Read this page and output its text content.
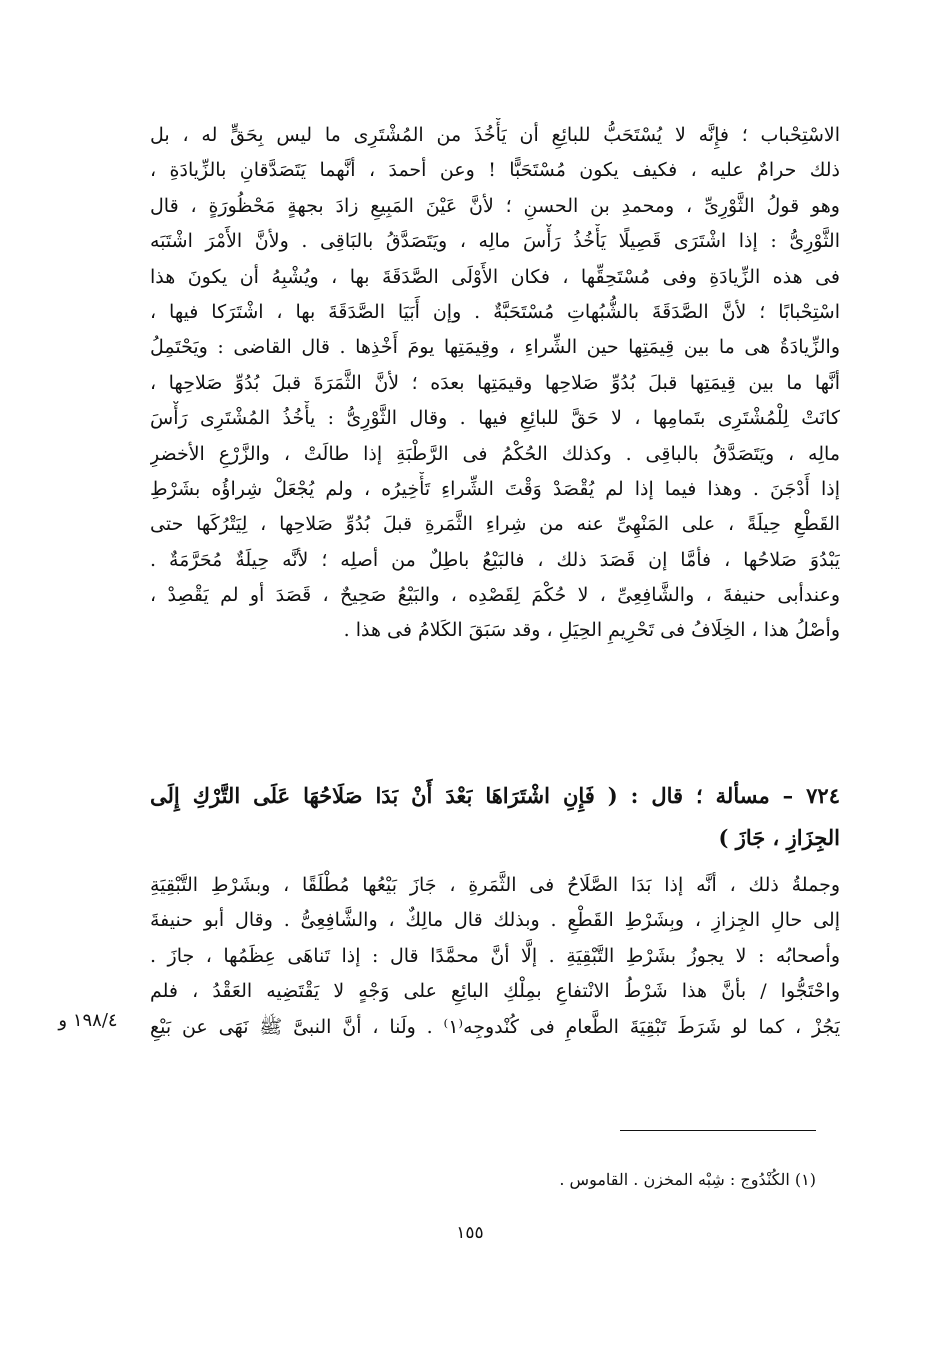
الاسْتِحْباب ؛ فإِنَّه لا يُسْتَحَبُّ للبائِعِ أن يَأْخُذَ من المُشْتَرِى ما ليس بِحَقٍّ له ، بل
ذلك حرامٌ عليه ، فكيف يكون مُسْتَحَبًّا ! وعن أحمدَ ، أنَّهما يَتَصَدَّقانِ بالزِّيادَةِ ،
وهو قولُ الثَّوْرِىِّ ، ومحمدِ بن الحسنِ ؛ لأنَّ عَيْنَ المَبِيعِ زادَ بجهةٍ مَحْظُورَةٍ ، قال
الثَّوْرِىُّ : إذا اشْتَرَى قَصِيلًا يَأْخُذُ رَأْسَ مالِه ، ويَتَصَدَّقُ بالبَاقِى . ولأنَّ الأَمْرَ اشْتَبَه
فى هذه الزِّيادَةِ وفى مُسْتَحِقِّها ، فكان الأَوْلَى الصَّدَقَةَ بها ، ويُشْبِهُ أن يكونَ هذا
اسْتِحْبابًا ؛ لأنَّ الصَّدَقَةَ بالشُّبُهاتِ مُسْتَحَبَّةٌ . وإن أَبَيَا الصَّدَقَةَ بها ، اشْتَرَكا فيها ،
والزِّيادَةُ هى ما بين قِيمَتِها حين الشِّراءِ ، وقِيمَتِها يومَ أَخْذِها . قال القاضى : ويَحْتَمِلُ
أنَّها ما بين قِيمَتِها قبلَ بُدُوِّ صَلاحِها وقيمَتِها بعدَه ؛ لأنَّ الثَّمَرَةَ قبلَ بُدُوِّ صَلاحِها ،
كانَتْ لِلْمُشْتَرِى بتَمامِها ، لا حَقَّ للبائِعِ فيها . وقال الثَّوْرِىُّ : يأْخُذُ المُشْتَرِى رَأْسَ
مالِه ، ويَتَصَدَّقُ بالباقِى . وكذلك الحُكْمُ فى الرَّطْبَةِ إذا طالَتْ ، والزَّرْعِ الأخضرِ
إذا أَدْجَنَ . وهذا فيما إذا لم يُقْصَدْ وَقْتَ الشِّراءِ تَأْخِيرُه ، ولم يُجْعَلْ شِراؤُه بشَرْطِ
القَطْعِ حِيلَةً ، على المَنْهِىِّ عنه من شِراءِ الثَّمَرةِ قبلَ بُدُوِّ صَلاحِها ، لِيَتْرُكَها حتى
يَبْدُوَ صَلاحُها ، فأمَّا إن قَصَدَ ذلك ، فالبَيْعُ باطِلٌ من أصلِه ؛ لأنَّه حِيلَةٌ مُحَرَّمَةٌ .
وعندأبى حنيفةَ ، والشَّافِعِىِّ ، لا حُكْمَ لِقَصْدِه ، والبَيْعُ صَحِيحٌ ، قَصَدَ أو لم يَقْصِدْ ،
وأصْلُ هذا ، الخِلَافُ فى تَحْرِيمِ الحِيَلِ ، وقد سَبَقَ الكَلامُ فى هذا .
٧٢٤ – مسألة ؛ قال : ( فَإِنِ اشْتَرَاهَا بَعْدَ أَنْ بَدَا صَلَاحُهَا عَلَى التَّرْكِ إِلَى
الجِزَازِ ، جَازَ )
وجملةُ ذلك ، أنَّه إذا بَدَا الصَّلَاحُ فى الثَّمَرةِ ، جَازَ بَيْعُها مُطْلَقًا ، وبشَرْطِ التَّبْقِيَةِ
إلى حالِ الجِزازِ ، وبِشَرْطِ القَطْعِ . وبذلك قال مالِكٌ ، والشَّافِعِىُّ . وقال أبو حنيفةَ
وأصحابُه : لا يجوزُ بشَرْطِ التَّبْقِيَةِ . إلَّا أنَّ محمَّدًا قال : إذا تَناهَى عِظَمُها ، جازَ .
واحْتَجُّوا / بأنَّ هذا شَرْطُ الانْتفاعِ بمِلْكِ البائِعِ على وَجْهٍ لا يَقْتَضِيه العَقْدُ ، فلم
يَجُزْ ، كما لو شَرَطَ تَبْقِيَةَ الطَّعامِ فى كُنْدوجِه⁽١⁾ . ولَنا ، أنَّ النبىَّ ﷺ نَهَى عن بَيْعِ
١٩٨/٤ و
(١) الكُنْدُوج : شِبْه المخزن . القاموس .
١٥٥
